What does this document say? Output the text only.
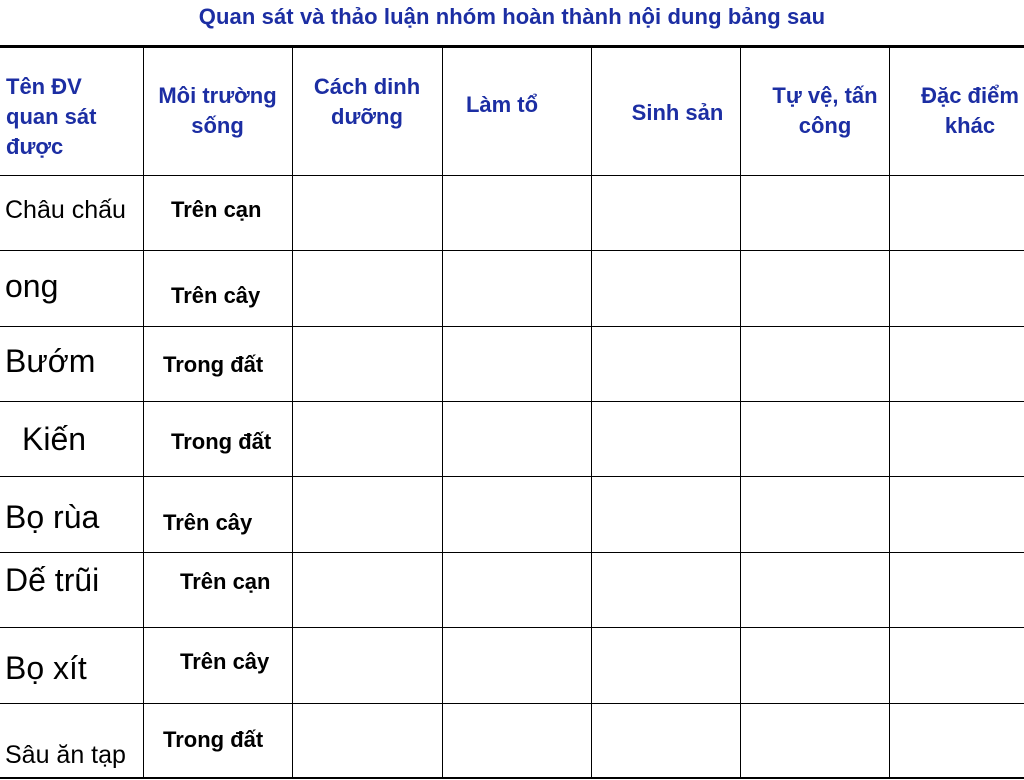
Quan sát và thảo luận nhóm hoàn thành nội dung bảng sau
Tên ĐV quan sát được
Môi trường sống
Cách dinh dưỡng	Làm tổ	Sinh sản
Tự vệ, tấn công
Đặc điểm khác
Châu chấu
ong
Bướm
Kiến
Bọ rùa
Dế trũi
Bọ xít
Sâu ăn tạp
Trên cạn
Trên cây
Trong đất
Trong đất
Trên cây
Trên cạn
Trên cây
Trong đất
